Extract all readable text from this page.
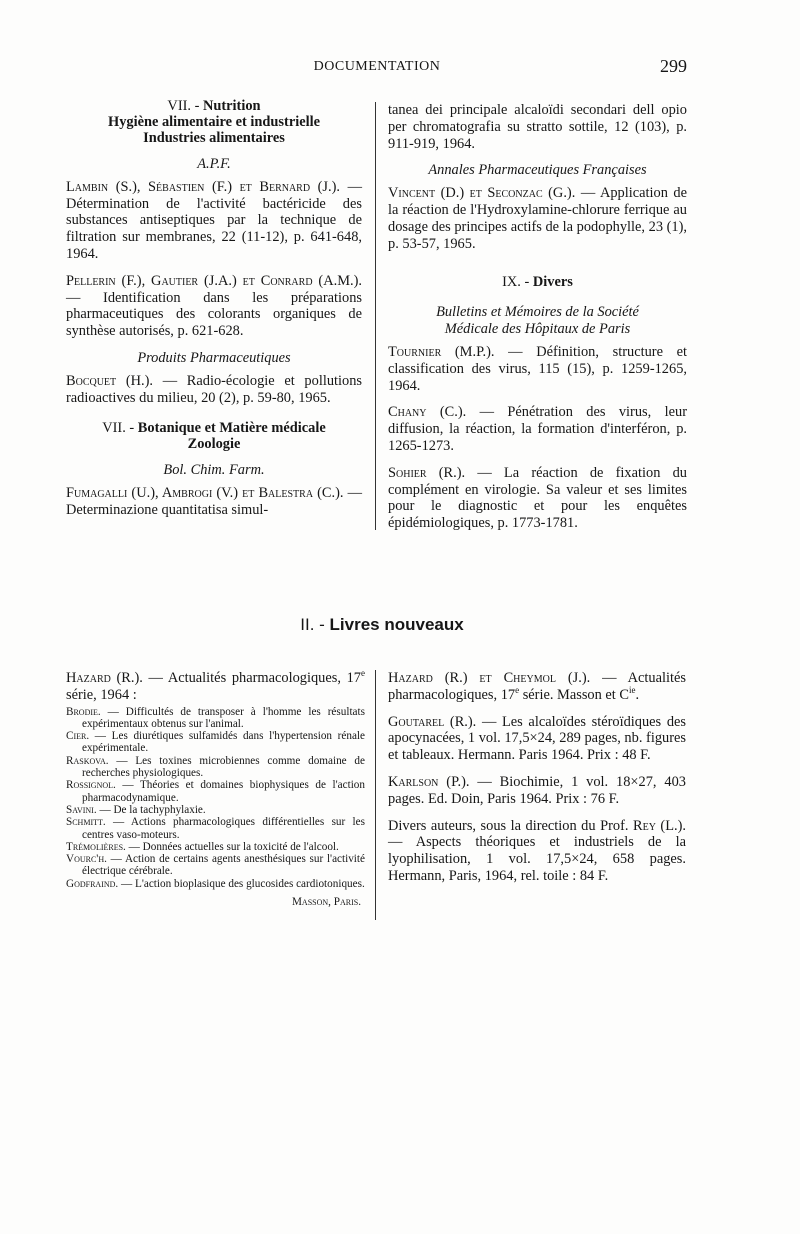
DOCUMENTATION	299
VII. - Nutrition
Hygiène alimentaire et industrielle
Industries alimentaires
A.P.F.

Lambin (S.), Sébastien (F.) et Bernard (J.). — Détermination de l'activité bactéricide des substances antiseptiques par la technique de filtration sur membranes, 22 (11-12), p. 641-648, 1964.

Pellerin (F.), Gautier (J.A.) et Conrard (A.M.). — Identification dans les préparations pharmaceutiques des colorants organiques de synthèse autorisés, p. 621-628.

Produits Pharmaceutiques

Bocquet (H.). — Radio-écologie et pollutions radioactives du milieu, 20 (2), p. 59-80, 1965.

VII. - Botanique et Matière médicale
Zoologie
Bol. Chim. Farm.

Fumagalli (U.), Ambrogi (V.) et Balestra (C.). — Determinazione quantitatisa simul-

tanea dei principale alcaloïdi secondari dell opio per chromatografia su stratto sottile, 12 (103), p. 911-919, 1964.

Annales Pharmaceutiques Françaises

Vincent (D.) et Seconzac (G.). — Application de la réaction de l'Hydroxylamine-chlorure ferrique au dosage des principes actifs de la podophylle, 23 (1), p. 53-57, 1965.

IX. - Divers
Bulletins et Mémoires de la Société
Médicale des Hôpitaux de Paris

Tournier (M.P.). — Définition, structure et classification des virus, 115 (15), p. 1259-1265, 1964.

Chany (C.). — Pénétration des virus, leur diffusion, la réaction, la formation d'interféron, p. 1265-1273.

Sohier (R.). — La réaction de fixation du complément en virologie. Sa valeur et ses limites pour le diagnostic et pour les enquêtes épidémiologiques, p. 1773-1781.

II. - Livres nouveaux

Hazard (R.). — Actualités pharmacologiques, 17e série, 1964 :

Brodie. — Difficultés de transposer à l'homme les résultats expérimentaux obtenus sur l'animal.

Cier. — Les diurétiques sulfamidés dans l'hypertension rénale expérimentale.

Raskova. — Les toxines microbiennes comme domaine de recherches physiologiques.

Rossignol. — Théories et domaines biophysiques de l'action pharmacodynamique.

Savini. — De la tachyphylaxie.

Schmitt. — Actions pharmacologiques différentielles sur les centres vaso-moteurs.

Trémolières. — Données actuelles sur la toxicité de l'alcool.

Vourc'h. — Action de certains agents anesthésiques sur l'activité électrique cérébrale.

Godfraind. — L'action bioplasique des glucosides cardiotoniques.

Masson, Paris.

Hazard (R.) et Cheymol (J.). — Actualités pharmacologiques, 17e série. Masson et $C^{ie}$.

Goutarel (R.). — Les alcaloïdes stéroïdiques des apocynacées, 1 vol. 17,5×24, 289 pages, nb. figures et tableaux. Hermann. Paris 1964. Prix : 48 F.

Karlson (P.). — Biochimie, 1 vol. 18×27, 403 pages. Ed. Doin, Paris 1964. Prix : 76 F.

Divers auteurs, sous la direction du Prof. Rey (L.). — Aspects théoriques et industriels de la lyophilisation, 1 vol. 17,5×24, 658 pages. Hermann, Paris, 1964, rel. toile : 84 F.
